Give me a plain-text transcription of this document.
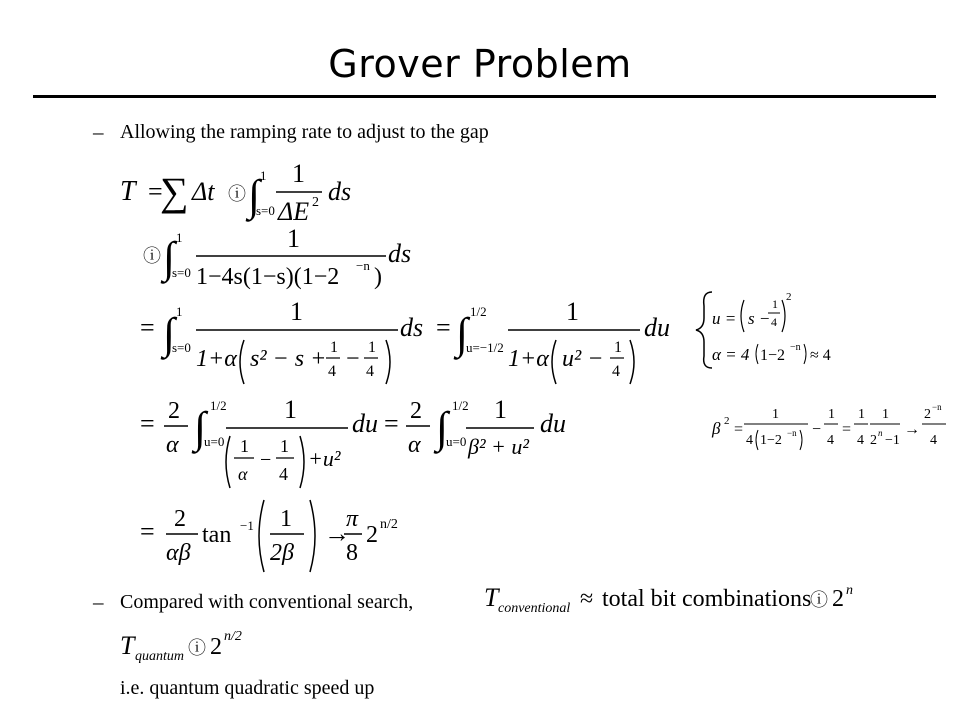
Grover Problem
– Allowing the ramping rate to adjust to the gap
T =
∑ Δt ⓘ ∫ 1
s=0
1
ΔE 2 ds
ⓘ ∫ 1
s=0
1
1−4s(1−s)(1−2 −n )
ds
= ∫ 1
s=0
1
1+α s² − s + 1
4 − 1
4
ds = ∫ 1/2
u=−1/2
1
1+α u² − 1
4
du u = s −
1
4
2
α = 4 1−2 −n ≈ 4
= 2
α ∫ 1/2
u=0
1
1
α
−
1
4
+u²
du = 2
α ∫ 1/2
u=0
1
β² + u²
du	β 2 =
1
4 1−2 −n −
1
4
=
1
4
1
2 n −1
→
2 −n
4
= 2
αβ
tan −1 1
2β
→
π
8
2 n/2
T conventional ≈ total bit combinations
ⓘ 2 n
T quantum ⓘ 2 n/2
– Compared with conventional search,
i.e. quantum quadratic speed up
